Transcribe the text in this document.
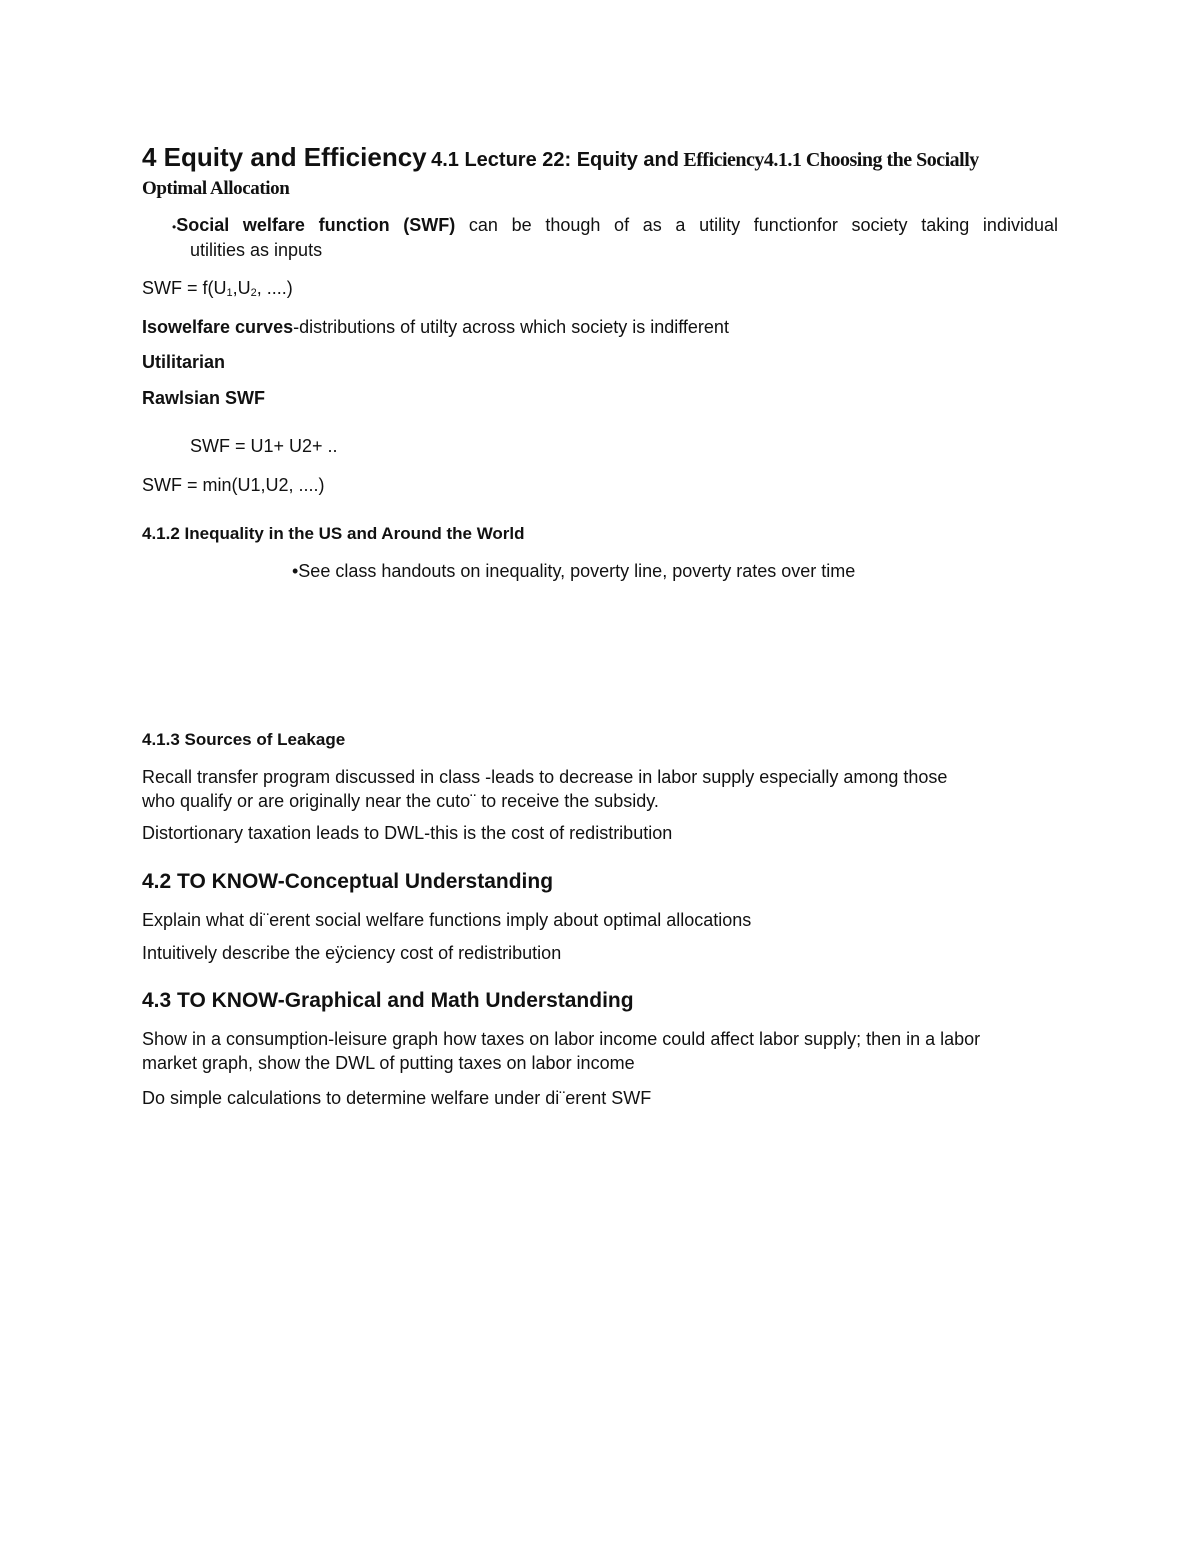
4 Equity and Efficiency 4.1 Lecture 22: Equity and Efficiency4.1.1 Choosing the Socially
Optimal Allocation
•Social welfare function (SWF) can be though of as a utility functionfor society taking individual
utilities as inputs
SWF = f(U1,U2, ....)
Isowelfare curves-distributions of utilty across which society is indifferent
Utilitarian
Rawlsian SWF
SWF = U1+ U2+ ..
SWF = min(U1,U2, ....)
4.1.2 Inequality in the US and Around the World
•See class handouts on inequality, poverty line, poverty rates over time
4.1.3 Sources of Leakage
Recall transfer program discussed in class -leads to decrease in labor supply especially among those
who qualify or are originally near the cuto¨ to receive the subsidy.
Distortionary taxation leads to DWL-this is the cost of redistribution
4.2 TO KNOW-Conceptual Understanding
Explain what di¨erent social welfare functions imply about optimal allocations
Intuitively describe the eÿciency cost of redistribution
4.3 TO KNOW-Graphical and Math Understanding
Show in a consumption-leisure graph how taxes on labor income could affect labor supply; then in a labor
market graph, show the DWL of putting taxes on labor income
Do simple calculations to determine welfare under di¨erent SWF
